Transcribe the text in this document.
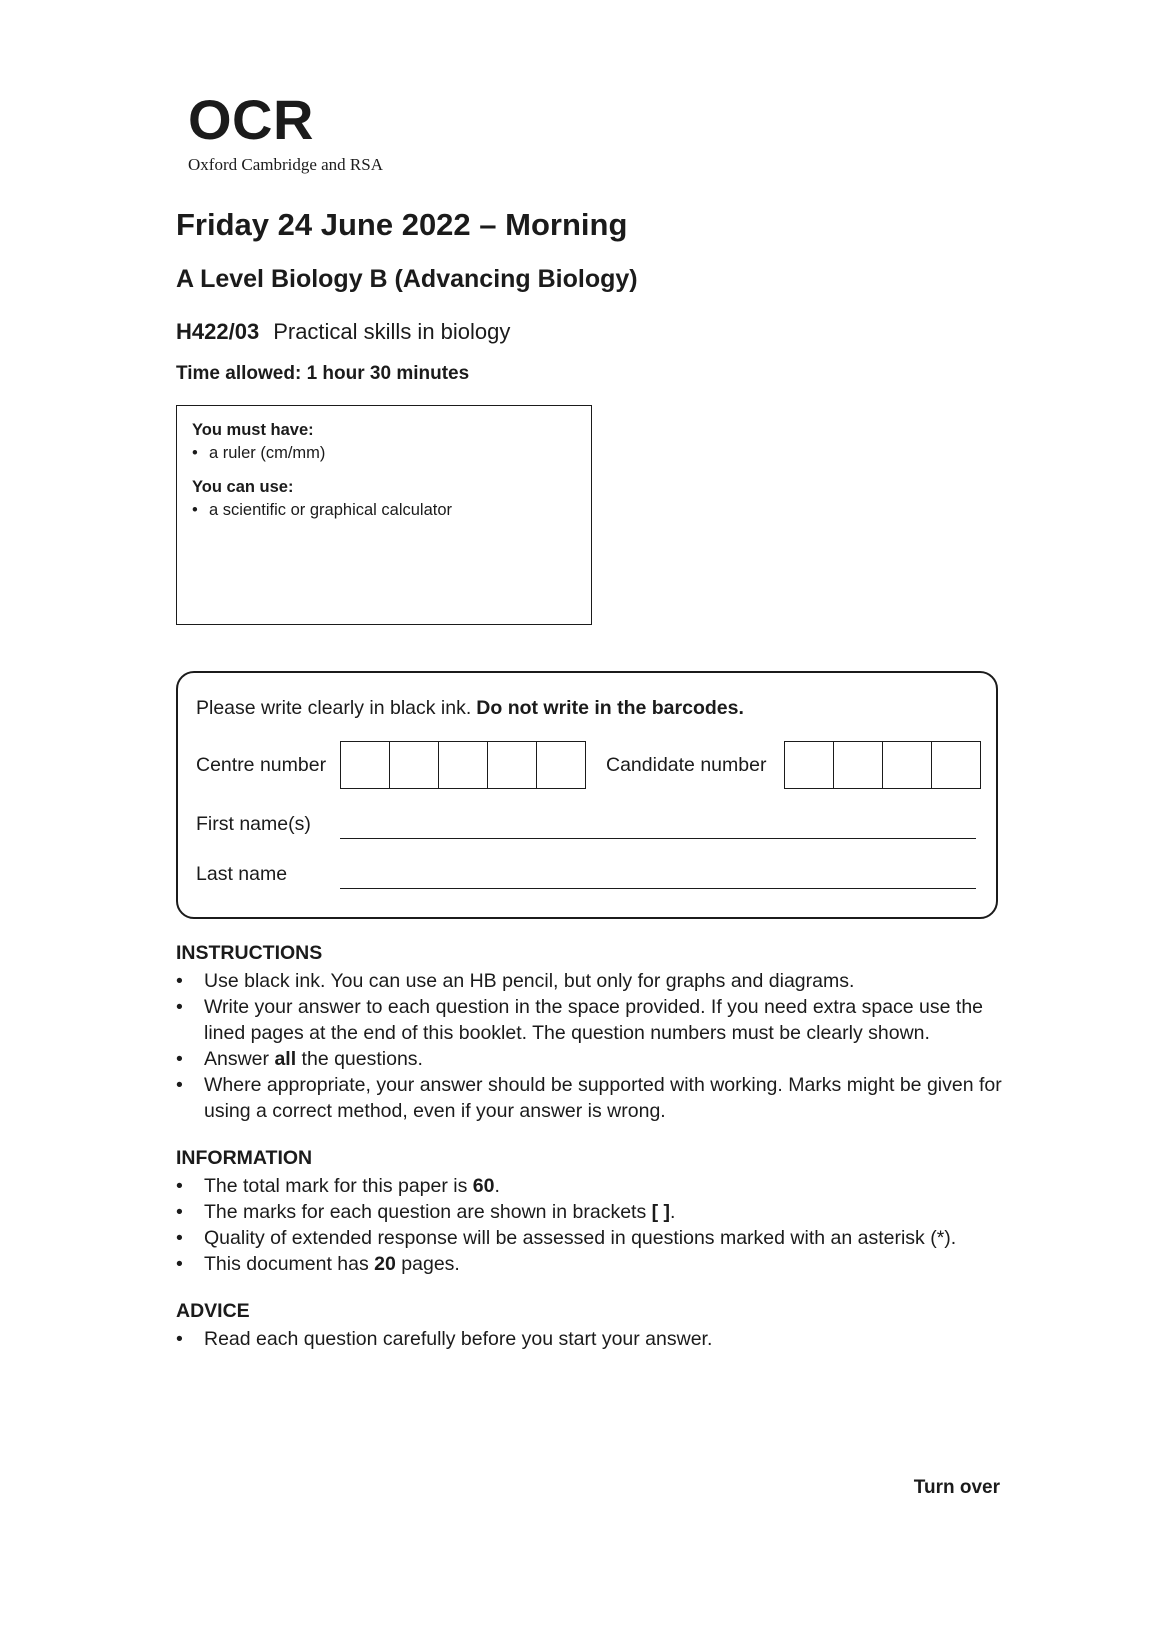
OCR
Oxford Cambridge and RSA
Friday 24 June 2022 – Morning
A Level Biology B (Advancing Biology)
H422/03 Practical skills in biology
Time allowed: 1 hour 30 minutes
You must have:
• a ruler (cm/mm)
You can use:
• a scientific or graphical calculator
Please write clearly in black ink. Do not write in the barcodes.
Centre number	Candidate number
First name(s)
Last name
INSTRUCTIONS
•	Use black ink. You can use an HB pencil, but only for graphs and diagrams.
•	Write your answer to each question in the space provided. If you need extra space use the lined pages at the end of this booklet. The question numbers must be clearly shown.
•	Answer all the questions.
•	Where appropriate, your answer should be supported with working. Marks might be given for using a correct method, even if your answer is wrong.
INFORMATION
•	The total mark for this paper is 60.
•	The marks for each question are shown in brackets [ ].
•	Quality of extended response will be assessed in questions marked with an asterisk (*).
•	This document has 20 pages.
ADVICE
•	Read each question carefully before you start your answer.
Turn over
